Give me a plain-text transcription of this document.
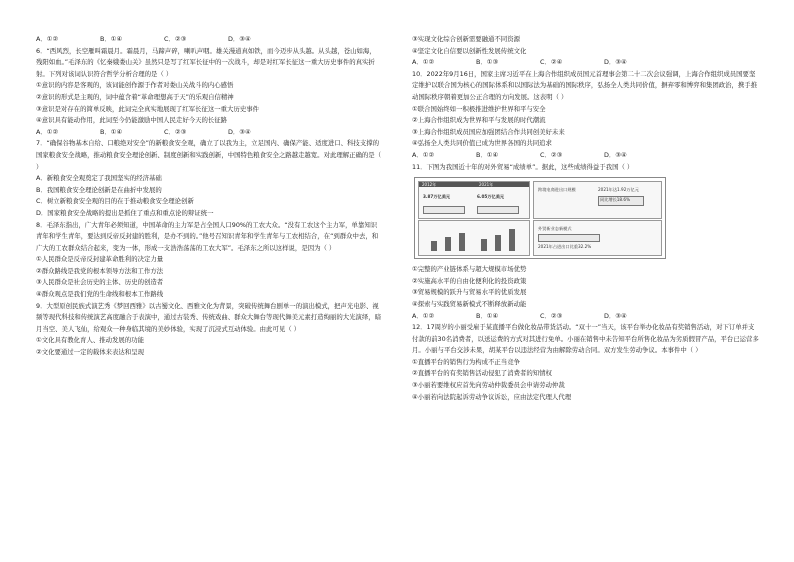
A．①②	B．①④	C．②③	D．③④
6．“西风烈，长空雁叫霜晨月。霜晨月，马蹄声碎，喇叭声咽。雄关漫道真如铁，而今迈步从头越。从头越，苍山如海，残阳如血。”毛泽东的《忆秦娥娄山关》虽然只是写了红军长征中的一次战斗，却是对红军长征这一重大历史事件的真实折射。下列对该词认识符合哲学分析合理的是（ ）
①意识的内容是客观的，该词能创作源于作者对娄山关战斗的内心感悟
②意识的形式是主观的，词中蕴含着“革命理想高于天”的乐观自信精神
③意识是对存在的简单反映，此词完全真实地展现了红军长征这一重大历史事件
④意识具有能动作用，此词至今仍能激励中国人民走好今天的长征路
A．①②	B．①④	C．②③	D．③④
7．“确保谷物基本自给、口粮绝对安全”的新粮食安全观，确立了以我为主，立足国内、确保产能、适度进口、科技支撑的国家粮食安全战略，推动粮食安全理论创新、制度创新和实践创新，中国特色粮食安全之路越走越宽。对此理解正确的是（ ）
A．新粮食安全观奠定了我国坚实的经济基础
B．我国粮食安全理论创新是在曲折中发展的
C．树立新粮食安全观的目的在于推动粮食安全理论创新
D．国家粮食安全战略的提出是抓住了重点和重点论的辩证统一
8．毛泽东指出，广大青年必须知道，中国革命的主力军是占全国人口90%的工农大众。“没有工农这个主力军，单靠知识青年和学生青年，要达到反帝反封建的胜利，是办不到的。”他号召知识青年和学生青年与工农相结合，在“到群众中去，和广大的工农群众结合起来，变为一体，形成一支浩浩荡荡的工农大军”。毛泽东之所以这样说，是因为（ ）
①人民群众是反帝反封建革命胜利的决定力量
②群众路线是我党的根本领导方法和工作方法
③人民群众是社会历史的主体、历史的创造者
④群众观点是我们党的生命线和根本工作路线
9．大型原创民族式演艺秀《梦回西雅》以古蜀文化、西雅文化为背景，突破传统舞台剧单一的演出模式，把声光电影、视频等现代科技和传统演艺高度融合于表演中，通过古装秀、传统戏曲、群众大舞台等现代舞美元素打造绚丽的大光演绎，暗月当空、美人飞仙，给观众一种身临其境的美妙体验，实现了沉浸式互动体验。由此可见（ ）
①文化具有教化育人、推动发展的功能
②文化要通过一定的载体来表达和呈现
③实现文化综合创新需要融通不同资源
④坚定文化自信要以创新性发展传统文化
A．①②	B．①③	C．②④	D．③④
10．2022年9月16日，国家主席习近平在上海合作组织成员国元首理事会第二十二次会议强调，上海合作组织成员国要坚定维护以联合国为核心的国际体系和以国际法为基础的国际秩序，弘扬全人类共同价值，摒弃零和博弈和集团政治，携手推动国际秩序朝着更加公正合理的方向发展。这表明（ ）
①联合国始终如一积极推进维护世界和平与安全
②上海合作组织成为世界和平与发展的时代潮流
③上海合作组织成员国应加强团结合作共同创美好未来
④弘扬全人类共同价值已成为世界各国的共同追求
A．①②	B．①④	C．②③	D．③④
11．下图为我国近十年的对外贸易“成绩单”。据此，这些成绩得益于我国（ ）
2012年	2021年
3.87万亿美元	6.05万亿美元
跨境电商进出口规模	2021年达1.92万亿元
同比增长18.6%
外贸新业态新模式
2021年占进出口比重32.2%
①完整的产业链体系与超大规模市场优势
②实施高水平的自由化便利化的投资政策
③贸易规模的跃升与贸易水平的优质发展
④探索与实践贸易新模式不断释放新动能
A．①②	B．①④	C．②③	D．③④
12．17周岁的小丽受雇于某直播平台做化妆品带货活动。“双十一”当天，该平台举办化妆品有奖销售活动，对下订单并支付款的前30名消费者，以送运费的方式对其进行免单。小丽在销售中未告知平台所售化妆品为劣质假冒产品，平台已运营多月。小丽与平台交涉未果，胡某平台以违法经营为由解除劳动合同。双方发生劳动争议。本事件中（ ）
①直播平台的销售行为构成不正当竞争
②直播平台的有奖销售活动侵犯了消费者的知情权
③小丽若要维权应首先向劳动仲裁委员会申请劳动仲裁
④小丽若向法院起诉劳动争议诉讼，应由法定代理人代理
